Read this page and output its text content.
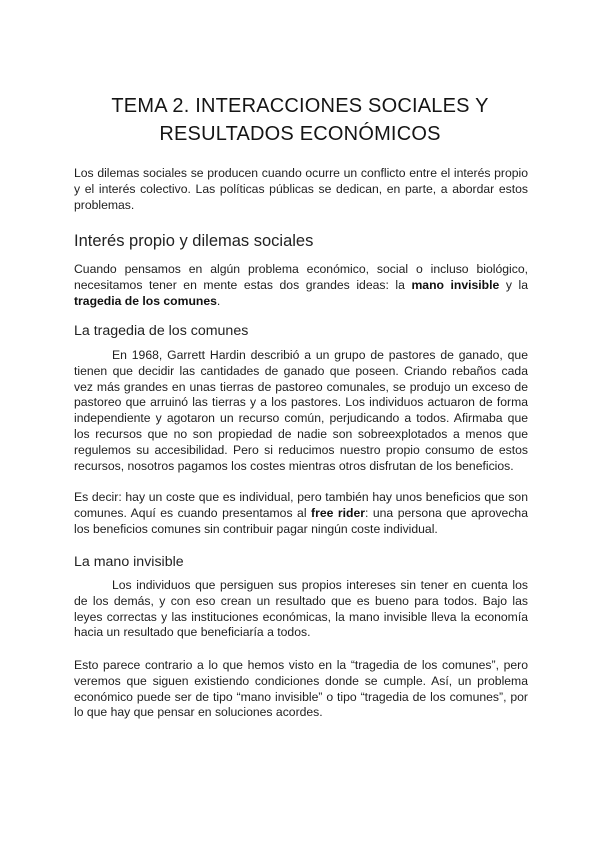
TEMA 2. INTERACCIONES SOCIALES Y
RESULTADOS ECONÓMICOS

Los dilemas sociales se producen cuando ocurre un conflicto entre el interés propio y el interés colectivo. Las políticas públicas se dedican, en parte, a abordar estos problemas.

Interés propio y dilemas sociales

Cuando pensamos en algún problema económico, social o incluso biológico, necesitamos tener en mente estas dos grandes ideas: la mano invisible y la tragedia de los comunes.

La tragedia de los comunes

En 1968, Garrett Hardin describió a un grupo de pastores de ganado, que tienen que decidir las cantidades de ganado que poseen. Criando rebaños cada vez más grandes en unas tierras de pastoreo comunales, se produjo un exceso de pastoreo que arruinó las tierras y a los pastores. Los individuos actuaron de forma independiente y agotaron un recurso común, perjudicando a todos. Afirmaba que los recursos que no son propiedad de nadie son sobreexplotados a menos que regulemos su accesibilidad. Pero si reducimos nuestro propio consumo de estos recursos, nosotros pagamos los costes mientras otros disfrutan de los beneficios.

Es decir: hay un coste que es individual, pero también hay unos beneficios que son comunes. Aquí es cuando presentamos al free rider: una persona que aprovecha los beneficios comunes sin contribuir pagar ningún coste individual.

La mano invisible

Los individuos que persiguen sus propios intereses sin tener en cuenta los de los demás, y con eso crean un resultado que es bueno para todos. Bajo las leyes correctas y las instituciones económicas, la mano invisible lleva la economía hacia un resultado que beneficiaría a todos.

Esto parece contrario a lo que hemos visto en la “tragedia de los comunes”, pero veremos que siguen existiendo condiciones donde se cumple. Así, un problema económico puede ser de tipo “mano invisible” o tipo “tragedia de los comunes”, por lo que hay que pensar en soluciones acordes.
